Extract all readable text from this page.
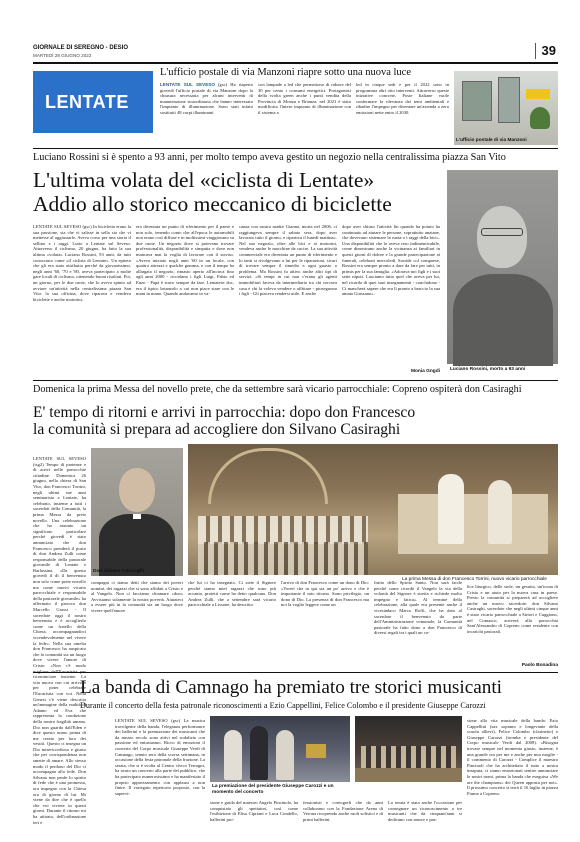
GIORNALE DI SEREGNO - DESIO
MARTEDÌ 28 GIUGNO 2022	39
LENTATE
L'ufficio postale di via Manzoni riapre sotto una nuova luce
LENTATE SUL SEVESO (gsc) Ha riaperto giovedì l'ufficio postale di via Manzoni dopo la chiusura necessaria per alcuni interventi di manutenzione straordinaria che hanno interessato l'impianto di illuminazione. Sono stati infatti sostituiti 48 corpi illuminanti
con lampade a led che permettono di ridurre del 30 per cento i consumi energetici. Protagonisti della svolta green anche i punti vendita della Provincia di Monza e Brianza: nel 2021 è stato modificato l'intero impianto di illuminazione con il sistema a
led in cinque sedi e per il 2022 sono in programma altri otto interventi. Attraverso queste iniziative concrete, Poste Italiane vuole confermare la rilevanza dei temi ambientali e ribadire l'impegno per diventare un'azienda a zero emissioni nette entro il 2030.
L'ufficio postale di via Manzoni
Luciano Rossini si è spento a 93 anni, per molto tempo aveva gestito un negozio nella centralissima piazza San Vito
L'ultima volata del «ciclista di Lentate»
Addio allo storico meccanico di biciclette
LENTATE SUL SEVESO (gsc) In bicicletta erano la sua passione, sia che vi salisse in sella sia che vi mettesse al aggiustarle. Aveva corso per una storia il sellino e i raggi. Lutto a Lentate sul Seveso. Attraverso il ciclismo, 20 giugno, ha fatto la sua ultima «volata» Luciano Rossini, 93 anni, da tutti conosciuto come «il ciclista di Lentate». Un epiteto che gli era stato attribuito perché da giovanissimo, negli anni '60, '70 e '80, aveva partecipato a molte gare locali di ciclismo, ottenendo buoni risultati. Poi, un giorno, per le due ruote, che lo aveva spinto ad avviare un'attività nella centralissima piazza San Vito: la sua officina, dove riparava e vendeva biciclette e anche motorini,
era diventata un punto di riferimento per il paese e non solo, tenendo conto che all'epoca le automobili non erano così diffuse e in moltissimi viaggiavano su due ruote. Un negozio dove si potevano trovare professionalità, disponibilità e simpatia e dove non mancava mai la voglia di lavorare con il sorriso. «Aveva iniziato negli anni '60 in un locale, con quattro attrezzi e qualche gomma, e con il tempo ha allargato il negozio, rimasto aperto all'incirca fino agli anni 2000 - ricordano i figli Luigi, Fabio ed Enzo - Papà è stavo sempre da fare. Lentatese doc, era il tipico brianzolo a cui non piace stare con le mani in mano. Quando andavamo in va-
canza con nostra madre Gianna, morta nel 2006, ci raggiungeva sempre il sabato sera, dopo aver lavorato tutto il giorno, e ripartiva il lunedì mattina». Nel suo negozio, oltre alle bici e ai motorini, vendeva anche le macchine da cucire. La sua attività commerciale era diventata un punto di riferimento e lo tanti si rivolgevano a lui per le riparazioni, sicuri di trovare sempre il rimedio a ogni guasto o problema. Ma Rossini fu attivo anche altri tipi di servizi. «Si tempi in cui non c'erano gli agenti immobiliari faceva da intermediario tra chi cercava casa e chi la voleva vendere o affittare - proseguono i figli - Gli piaceva rendersi utile. E anche
dopo aver chiuso l'attività fin quando ha potuto ha continuato ad aiutare le persone, soprattutto anziane, che dovevano sistemare la ruota o i raggi della bici». Una disponibilità che lo aveva reso indimenticabile, come dimostrano anche la vicinanza ai familiari in questi giorni di dolore e la grande partecipazione ai funerali, celebrati mercoledì. Sorride col compaese, Rossini era sempre pronto a dare da fare per tutti, in primis per la sua famiglia. «Adorava noi figli e i suoi sette nipoti. Lasciamo tutto quel che aveva per lui, nel ricordo di quei suoi insegnamenti - concludono - Ci mancherà sapere che era lì pronto a braccio la sua amata Giussano».
Monia Gngdi Luciano Rossini, morto a 93 anni
Domenica la prima Messa del novello prete, che da settembre sarà vicario parrocchiale: Copreno ospiterà don Casiraghi
E' tempo di ritorni e arrivi in parrocchia: dopo don Francesco
la comunità si prepara ad accogliere don Silvano Casiraghi
LENTATE SUL SEVESO (tsg2) Tempo di partenze e di arrivi nelle parrocchie cittadine. Domenica 26 giugno, nella chiesa di San Vito, don Francesco Torrini, negli ultimi sue anni seminarista a Lentate, ha celebrato, insieme a tutti i sacerdoti della Comunità, la prima Messa da prete novello. Una celebrazione che ha assunto un significato particolare perché giovedì è stato annunciato che don Francesco prenderà il posto di don Andrea Zulli come responsabile della pastorale giovanile di Lentate e Barlassina. «Da questo giovedì il dì il benvenuto non solo come prete novello ma come nuovo vicario parrocchiale e responsabile della pastorale giovanile» ha affermato il parroco don Marcello Grassi - Il sacerdote oggi il nostro benvenuto e è accoglierlo come un fratello della Chiesa, accompagnandoci vicendevolmente nel vivere la fede». Nella sua omelia don Francesco ha auspicato che la comunità sia un luogo dove vivere l'amore di Cristo: «Non c'è modo ricominciare insieme. La vita nuova con cui arrivo è per poter celebrare l'Eucaristia con voi. Nella Genesi c'è viene descritta un'immagine della nudità di Adamo ed Eva che rappresenta la condizione della nostra fragilità umana. Dio non guarda dall'Eden e dice questo uomo prima di me creato per loro dei vestiti. Questo ci insegna un Dio misericordioso e giusto che per corrispondenza non smette di amare. Allo stesso modo il perdono del Dio ci accompagna alla fede. Don Silvano non perde lo spirito di fede che è una promessa, ora impegno con la Chiesa ora di giorno di lui. Mi viene da dire che è quello che voi vivrete in questi giorni. Durante il ritorno mi ha attirato, dell'ordinazione ieri e
Don Silvano Casiraghi
La prima Messa di don Francesco Torrini, nuovo vicario parrocchiale
compagni ci siamo detti che siamo dei poveri uomini, dei ragazzi che si sono affidati a Cristo e al Vangelo. Non ci facciamo chiamare «don» Avvisiamo solamente la nostra povertà. Aiutateci a essere più in la comunità sia un luogo dove vivere quell'amore
che lui ci ha insegnato. Ci siete il Signore perché siamo miei ragazzi che sono più accanto, protetti come ha detto qualcuno. Don Andrea Zulli, che a settembre sarà vicario parrocchiale a Lissone, ha descritto
l'arrivo di don Francesco come un dono di Dio: «Vorrei che tu qui sia un po' arrivo e che è importante il mio ritorno. Sono privilegio, un dono di Dio. La presenza di don Francesco ma noi la voglio leggere come un
frutto dello Spirito Santo. Non sarà facile perché come ricordò il Vangelo la via della volontà del Signore è stretta e richiede molto impegno e fatica». Al termine della celebrazione, alla quale era presente anche il vicesindaco Marco Roffi, che ha dato al sacerdote il benvenuto da parte dell'Amministrazione comunale, la Comunità pastorale ha fatto dono a don Francesco di diversi regali tra i quali un ca-
lice liturgico, delle stole, un gesuita, un'icona di Cristo e un aiuto per la nuova casa in paese. Presto la comunità si preparerà ad accogliere anche un nuovo sacerdote: don Silvano Casiraghi, sacerdote che negli ultimi cinque anni è stato vicario parrocchiale a Sirtori e Cuggiono, nel Comasco, arriverà alla parrocchia Sant'Alessandro di Copreno come residente con incarichi pastorali.
Paolo Bonadina
La banda di Camnago ha premiato tre storici musicanti
Durante il concerto della festa patronale riconoscimenti a Ezio Cappellini, Felice Colombo e il presidente Giuseppe Carozzi
LENTATE SUL SEVESO (gsc) La musica travolgente della banda, l'eleganza performance dei ballerini e la premiazione dei musicanti che da mezzo secolo sono attivi nel sodalizio con passione ed entusiasmo. Ricco di emozioni il concerto del Corpo musicale Giuseppe Verdi di Camnago, tenuto sera della scorsa settimana, in occasione della festa patronale della frazione. La serata, che si è svolta al Centro civico Terragni, ha avuto un concerto alla parte del pubblico, che ha partecipato numerosissimo e ha manifestato il proprio apprezzamento con applausi a non finire. Il variegato repertorio proposto, con la supervi-
La premiazione del presidente Giuseppe Carozzi e un momento del concerto
sione e guida del maestro Angelo Pincinolo, ha conquistato gli spettatori, così come l'esibizione di Elisa Cipriani e Luca Condello, ballerini pro-
fessionisti e coreografi che da anni collaborano con la Fondazione Arena di Verona ricoprendo anche ruoli solistici e di primi ballerini.
La serata è stata anche l'occasione per consegnare un riconoscimento a tre musicanti che da cinquant'anni si dedicano con amore e pas-
sione alla vita musicale della banda: Ezio Cappellini (sax soprano e longevante della scuola allievi), Felice Colombo (clarinetto) e Giuseppe Carozzi (tromba e presidente del Corpo musicale Verdi dal 2008). «Bisogna trovare sempre nel momento giusto, insieme, è una grande ora per me e anche per mia moglie - il commento di Carozzi - Complice il maestro Pincinoli che ha architettato il tutto a nostra insaputa, ci siamo emozionati sentire annunciare le nostri nomi, prima la banda che eseguiva «We are the champions» dei Queen apposta per noi». Il prossimo concerto si terrà il 16 luglio in piazza Fiume a Copreno.
